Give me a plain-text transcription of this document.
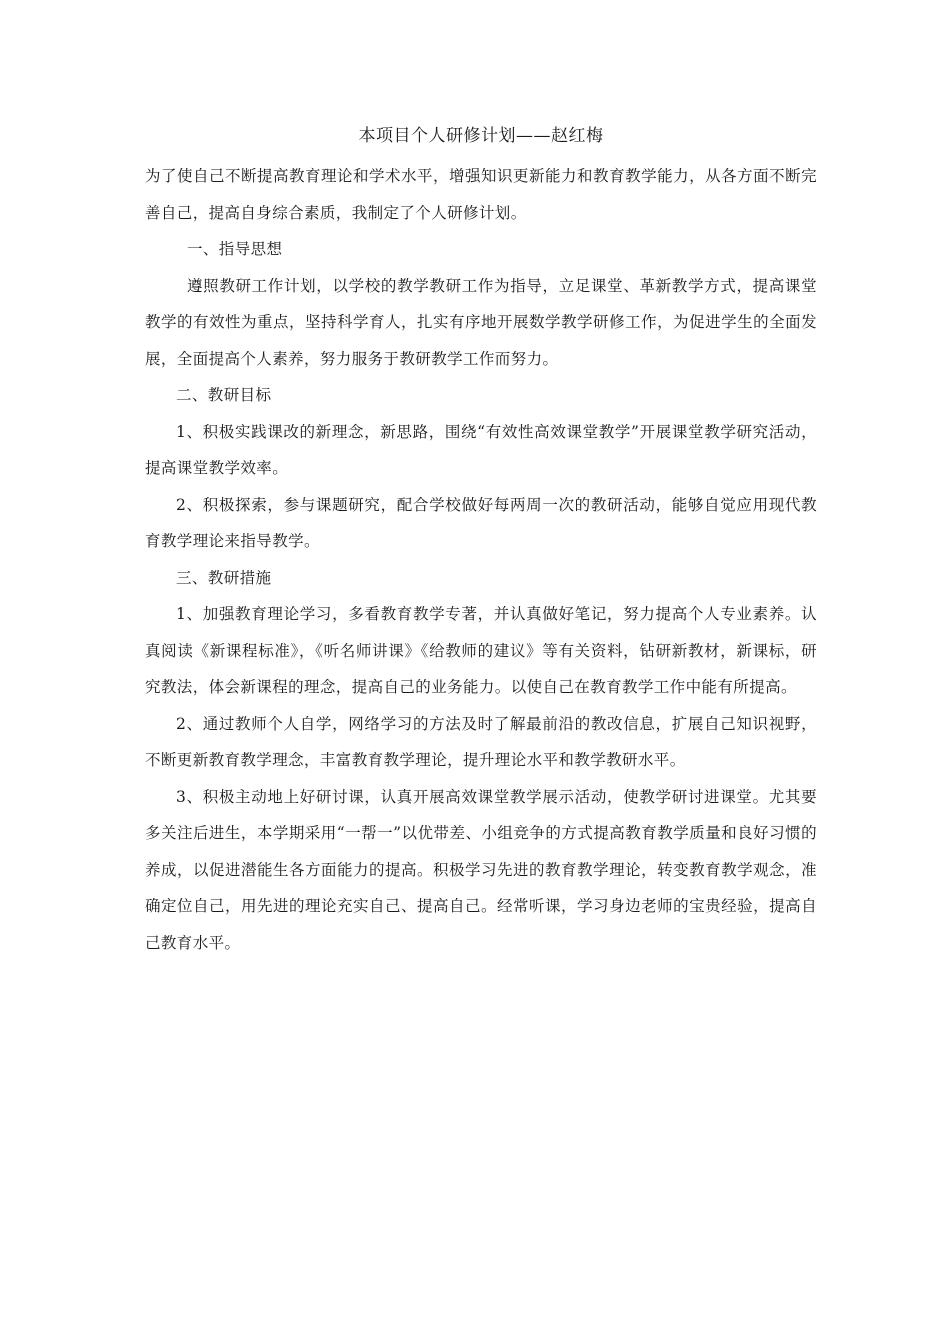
本项目个人研修计划——赵红梅

为了使自己不断提高教育理论和学术水平，增强知识更新能力和教育教学能力，从各方面不断完善自己，提高自身综合素质，我制定了个人研修计划。

一、指导思想

遵照教研工作计划，以学校的教学教研工作为指导，立足课堂、革新教学方式，提高课堂教学的有效性为重点，坚持科学育人，扎实有序地开展数学教学研修工作，为促进学生的全面发展，全面提高个人素养，努力服务于教研教学工作而努力。

二、教研目标

1、积极实践课改的新理念，新思路，围绕“有效性高效课堂教学”开展课堂教学研究活动，提高课堂教学效率。

2、积极探索，参与课题研究，配合学校做好每两周一次的教研活动，能够自觉应用现代教育教学理论来指导教学。

三、教研措施

1、加强教育理论学习，多看教育教学专著，并认真做好笔记，努力提高个人专业素养。认真阅读《新课程标准》，《听名师讲课》《给教师的建议》等有关资料，钻研新教材，新课标，研究教法，体会新课程的理念，提高自己的业务能力。以使自己在教育教学工作中能有所提高。

2、通过教师个人自学，网络学习的方法及时了解最前沿的教改信息，扩展自己知识视野，不断更新教育教学理念，丰富教育教学理论，提升理论水平和教学教研水平。

3、积极主动地上好研讨课，认真开展高效课堂教学展示活动，使教学研讨进课堂。尤其要多关注后进生，本学期采用“一帮一”以优带差、小组竞争的方式提高教育教学质量和良好习惯的养成，以促进潜能生各方面能力的提高。积极学习先进的教育教学理论，转变教育教学观念，准确定位自己，用先进的理论充实自己、提高自己。经常听课，学习身边老师的宝贵经验，提高自己教育水平。
